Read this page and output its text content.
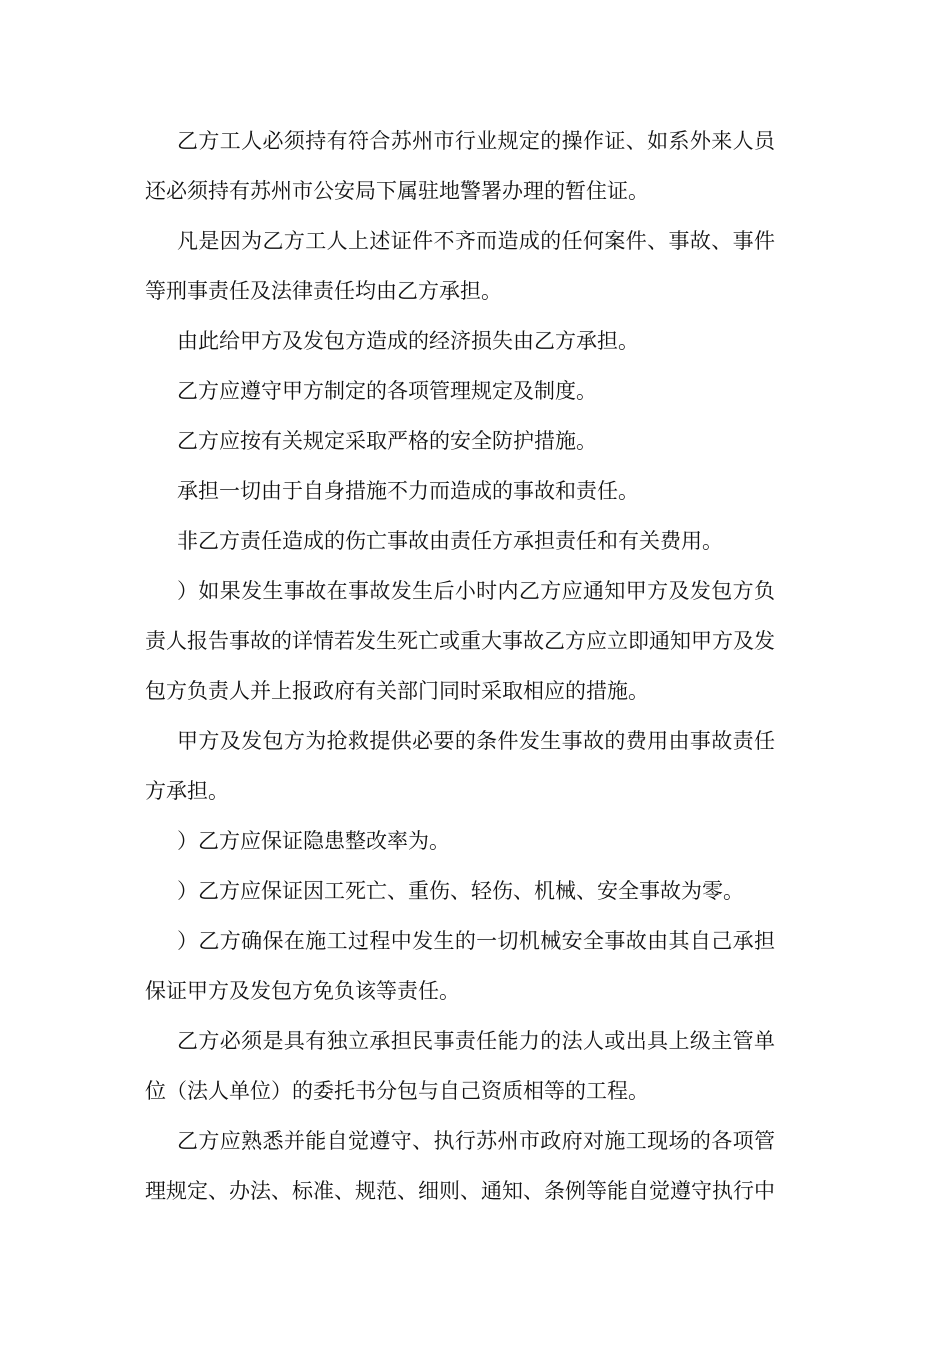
乙方工人必须持有符合苏州市行业规定的操作证、如系外来人员还必须持有苏州市公安局下属驻地警署办理的暂住证。

凡是因为乙方工人上述证件不齐而造成的任何案件、事故、事件等刑事责任及法律责任均由乙方承担。

由此给甲方及发包方造成的经济损失由乙方承担。

乙方应遵守甲方制定的各项管理规定及制度。

乙方应按有关规定采取严格的安全防护措施。

承担一切由于自身措施不力而造成的事故和责任。

非乙方责任造成的伤亡事故由责任方承担责任和有关费用。

）如果发生事故在事故发生后小时内乙方应通知甲方及发包方负责人报告事故的详情若发生死亡或重大事故乙方应立即通知甲方及发包方负责人并上报政府有关部门同时采取相应的措施。

甲方及发包方为抢救提供必要的条件发生事故的费用由事故责任方承担。

）乙方应保证隐患整改率为。

）乙方应保证因工死亡、重伤、轻伤、机械、安全事故为零。

）乙方确保在施工过程中发生的一切机械安全事故由其自己承担保证甲方及发包方免负该等责任。

乙方必须是具有独立承担民事责任能力的法人或出具上级主管单位（法人单位）的委托书分包与自己资质相等的工程。

乙方应熟悉并能自觉遵守、执行苏州市政府对施工现场的各项管理规定、办法、标准、规范、细则、通知、条例等能自觉遵守执行中
